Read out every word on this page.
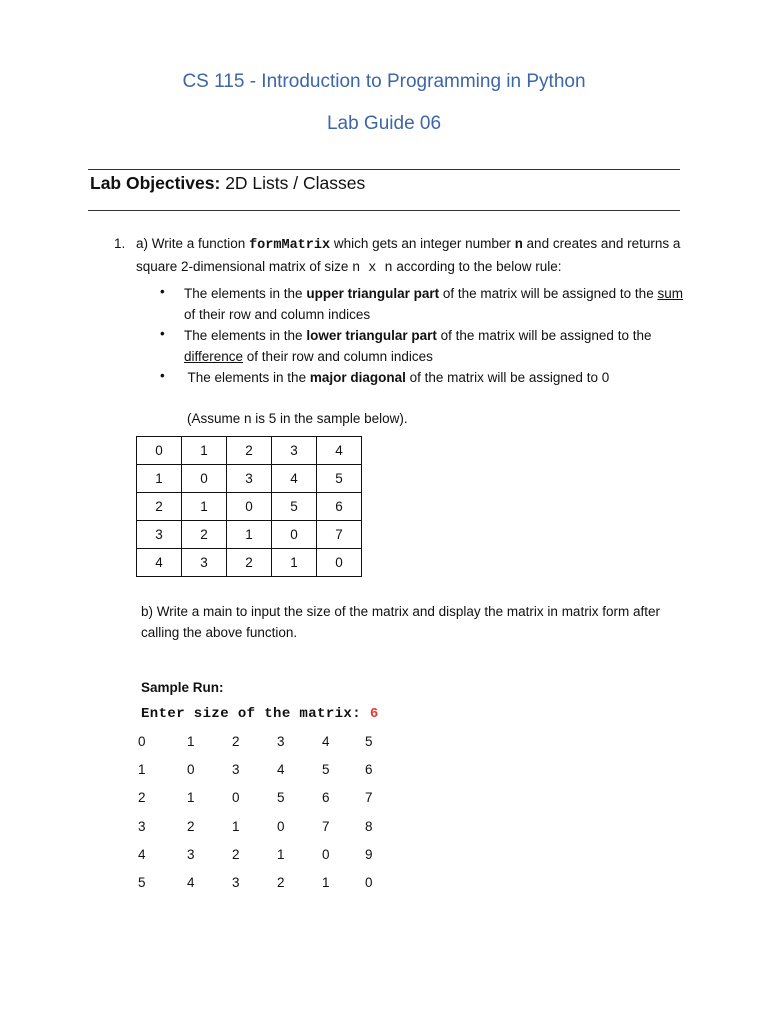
CS 115 - Introduction to Programming in Python
Lab Guide 06
Lab Objectives: 2D Lists / Classes
1. a) Write a function formMatrix which gets an integer number n and creates and returns a square 2-dimensional matrix of size n x n according to the below rule:
• The elements in the upper triangular part of the matrix will be assigned to the sum of their row and column indices
• The elements in the lower triangular part of the matrix will be assigned to the difference of their row and column indices
• The elements in the major diagonal of the matrix will be assigned to 0
(Assume n is 5 in the sample below).
0	1	2	3	4
1	0	3	4	5
2	1	0	5	6
3	2	1	0	7
4	3	2	1	0
b) Write a main to input the size of the matrix and display the matrix in matrix form after calling the above function.
Sample Run:
Enter size of the matrix: 6
0	1	2	3	4	5
1	0	3	4	5	6
2	1	0	5	6	7
3	2	1	0	7	8
4	3	2	1	0	9
5	4	3	2	1	0
